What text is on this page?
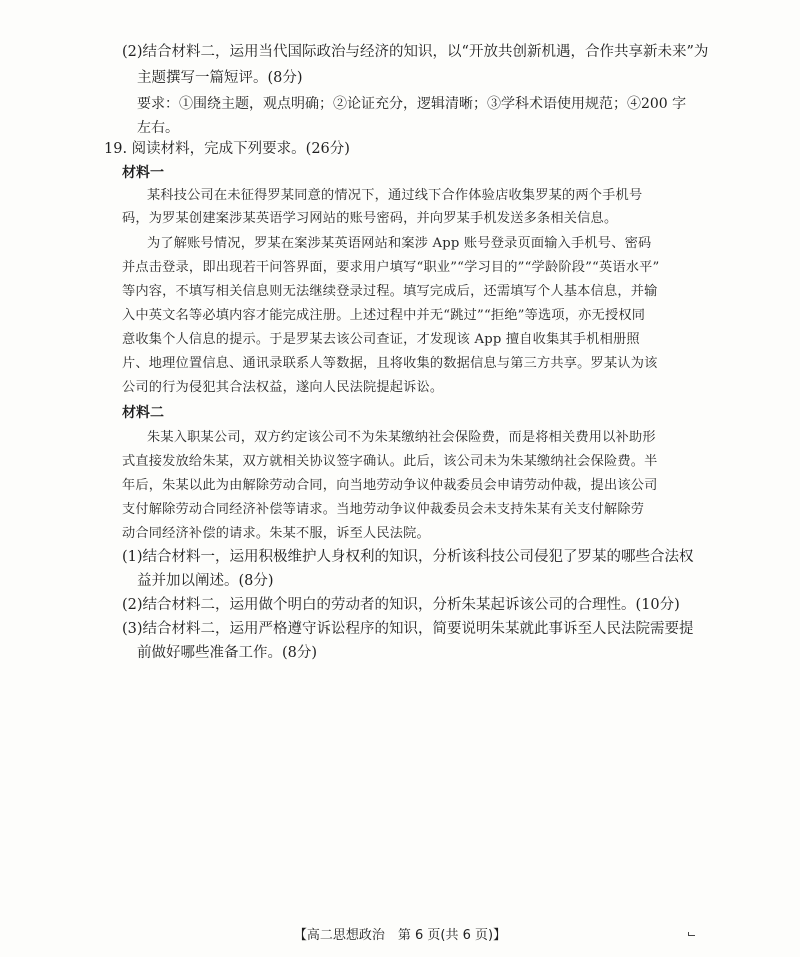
(2)结合材料二，运用当代国际政治与经济的知识，以“开放共创新机遇，合作共享新未来”为
主题撰写一篇短评。(8分)
要求：①围绕主题，观点明确；②论证充分，逻辑清晰；③学科术语使用规范；④200 字
左右。
19. 阅读材料，完成下列要求。(26分)
材料一
某科技公司在未征得罗某同意的情况下，通过线下合作体验店收集罗某的两个手机号
码，为罗某创建案涉某英语学习网站的账号密码，并向罗某手机发送多条相关信息。
为了解账号情况，罗某在案涉某英语网站和案涉 App 账号登录页面输入手机号、密码
并点击登录，即出现若干问答界面，要求用户填写“职业”“学习目的”“学龄阶段”“英语水平”
等内容，不填写相关信息则无法继续登录过程。填写完成后，还需填写个人基本信息，并输
入中英文名等必填内容才能完成注册。上述过程中并无“跳过”“拒绝”等选项，亦无授权同
意收集个人信息的提示。于是罗某去该公司查证，才发现该 App 擅自收集其手机相册照
片、地理位置信息、通讯录联系人等数据，且将收集的数据信息与第三方共享。罗某认为该
公司的行为侵犯其合法权益，遂向人民法院提起诉讼。
材料二
朱某入职某公司，双方约定该公司不为朱某缴纳社会保险费，而是将相关费用以补助形
式直接发放给朱某，双方就相关协议签字确认。此后，该公司未为朱某缴纳社会保险费。半
年后，朱某以此为由解除劳动合同，向当地劳动争议仲裁委员会申请劳动仲裁，提出该公司
支付解除劳动合同经济补偿等请求。当地劳动争议仲裁委员会未支持朱某有关支付解除劳
动合同经济补偿的请求。朱某不服，诉至人民法院。
(1)结合材料一，运用积极维护人身权利的知识，分析该科技公司侵犯了罗某的哪些合法权
益并加以阐述。(8分)
(2)结合材料二，运用做个明白的劳动者的知识，分析朱某起诉该公司的合理性。(10分)
(3)结合材料二，运用严格遵守诉讼程序的知识，简要说明朱某就此事诉至人民法院需要提
前做好哪些准备工作。(8分)
【高二思想政治　第 6 页(共 6 页)】
